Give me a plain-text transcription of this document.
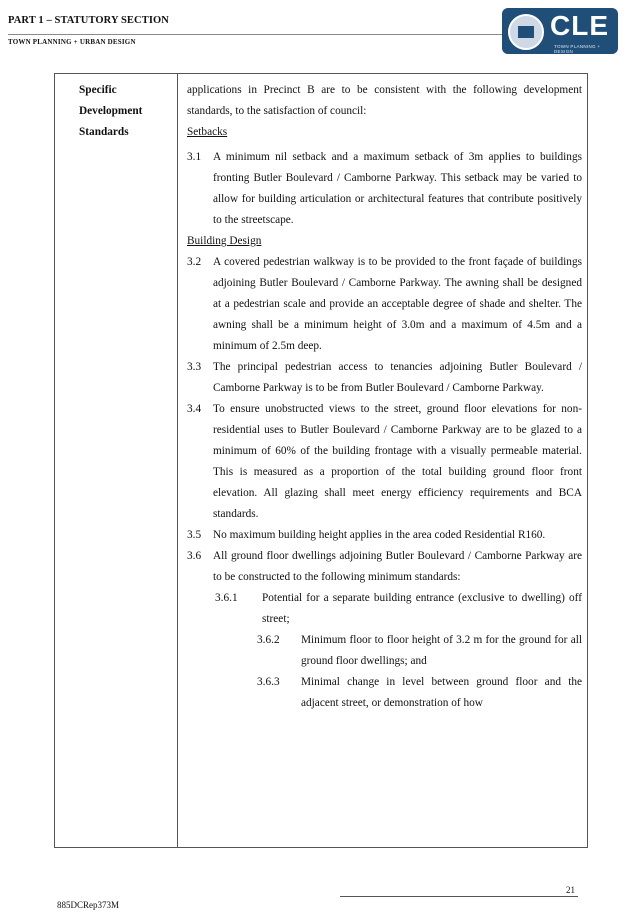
PART 1 – STATUTORY SECTION
TOWN PLANNING + URBAN DESIGN
CLE
TOWN PLANNING + DESIGN
Specific
Development
Standards

applications in Precinct B are to be consistent with the following development standards, to the satisfaction of council:

Setbacks

3.1 A minimum nil setback and a maximum setback of 3m applies to buildings fronting Butler Boulevard / Camborne Parkway. This setback may be varied to allow for building articulation or architectural features that contribute positively to the streetscape.

Building Design

3.2 A covered pedestrian walkway is to be provided to the front façade of buildings adjoining Butler Boulevard / Camborne Parkway. The awning shall be designed at a pedestrian scale and provide an acceptable degree of shade and shelter. The awning shall be a minimum height of 3.0m and a maximum of 4.5m and a minimum of 2.5m deep.
3.3 The principal pedestrian access to tenancies adjoining Butler Boulevard / Camborne Parkway is to be from Butler Boulevard / Camborne Parkway.
3.4 To ensure unobstructed views to the street, ground floor elevations for non-residential uses to Butler Boulevard / Camborne Parkway are to be glazed to a minimum of 60% of the building frontage with a visually permeable material. This is measured as a proportion of the total building ground floor front elevation. All glazing shall meet energy efficiency requirements and BCA standards.
3.5 No maximum building height applies in the area coded Residential R160.
3.6 All ground floor dwellings adjoining Butler Boulevard / Camborne Parkway are to be constructed to the following minimum standards:
3.6.1 Potential for a separate building entrance (exclusive to dwelling) off street;
3.6.2 Minimum floor to floor height of 3.2 m for the ground for all ground floor dwellings; and
3.6.3 Minimal change in level between ground floor and the adjacent street, or demonstration of how
21
885DCRep373M
